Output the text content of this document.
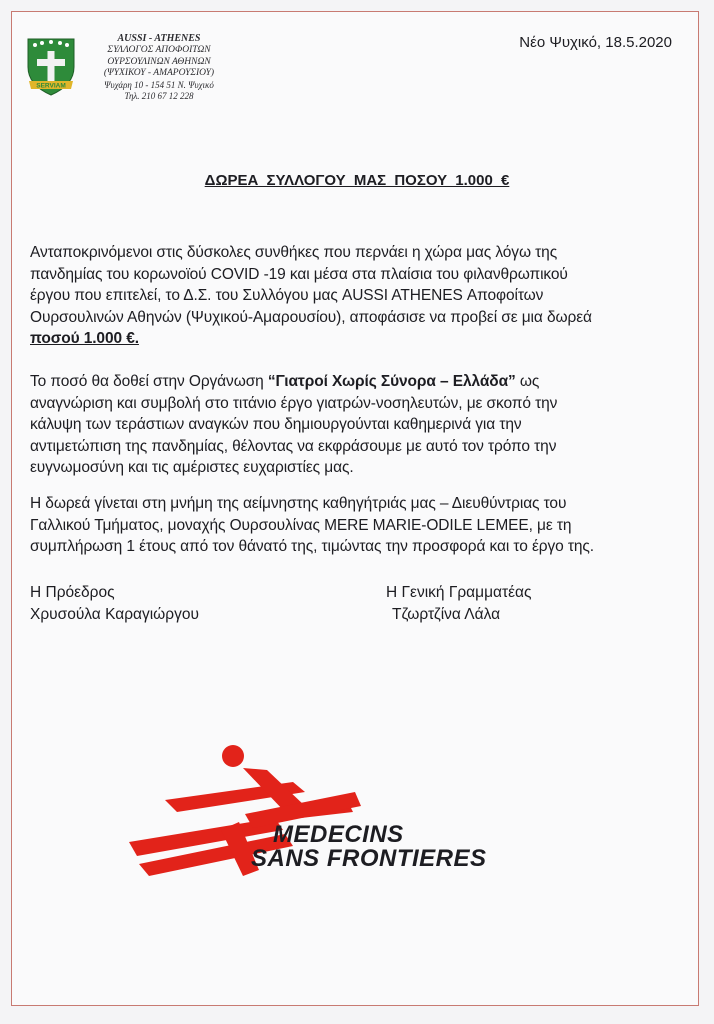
SERVIAM
AUSSI - ATHENES
ΣΥΛΛΟΓΟΣ ΑΠΟΦΟΙΤΩΝ
ΟΥΡΣΟΥΛΙΝΩΝ ΑΘΗΝΩΝ
(ΨΥΧΙΚΟΥ - ΑΜΑΡΟΥΣΙΟΥ)
Ψυχάρη 10 - 154 51 Ν. Ψυχικό
Τηλ. 210 67 12 228
Νέο Ψυχικό, 18.5.2020
ΔΩΡΕΑ ΣΥΛΛΟΓΟΥ ΜΑΣ ΠΟΣΟΥ 1.000 €
Ανταποκρινόμενοι στις δύσκολες συνθήκες που περνάει η χώρα μας λόγω της
πανδημίας του κορωνοϊού COVID -19 και μέσα στα πλαίσια του φιλανθρωπικού
έργου που επιτελεί, το Δ.Σ. του Συλλόγου μας AUSSI ATHENES Αποφοίτων
Ουρσουλινών Αθηνών (Ψυχικού-Αμαρουσίου), αποφάσισε να προβεί σε μια δωρεά
ποσού 1.000 €.
Το ποσό θα δοθεί στην Οργάνωση “Γιατροί Χωρίς Σύνορα – Ελλάδα” ως
αναγνώριση και συμβολή στο τιτάνιο έργο γιατρών-νοσηλευτών, με σκοπό την
κάλυψη των τεράστιων αναγκών που δημιουργούνται καθημερινά για την
αντιμετώπιση της πανδημίας, θέλοντας να εκφράσουμε με αυτό τον τρόπο την
ευγνωμοσύνη και τις αμέριστες ευχαριστίες μας.
Η δωρεά γίνεται στη μνήμη της αείμνηστης καθηγήτριάς μας – Διευθύντριας του
Γαλλικού Τμήματος, μοναχής Ουρσουλίνας MERE MARIE-ODILE LEMEE, με τη
συμπλήρωση 1 έτους από τον θάνατό της, τιμώντας την προσφορά και το έργο της.
Η Πρόεδρος
Χρυσούλα Καραγιώργου
Η Γενική Γραμματέας
Τζωρτζίνα Λάλα
MEDECINS
SANS FRONTIERES
